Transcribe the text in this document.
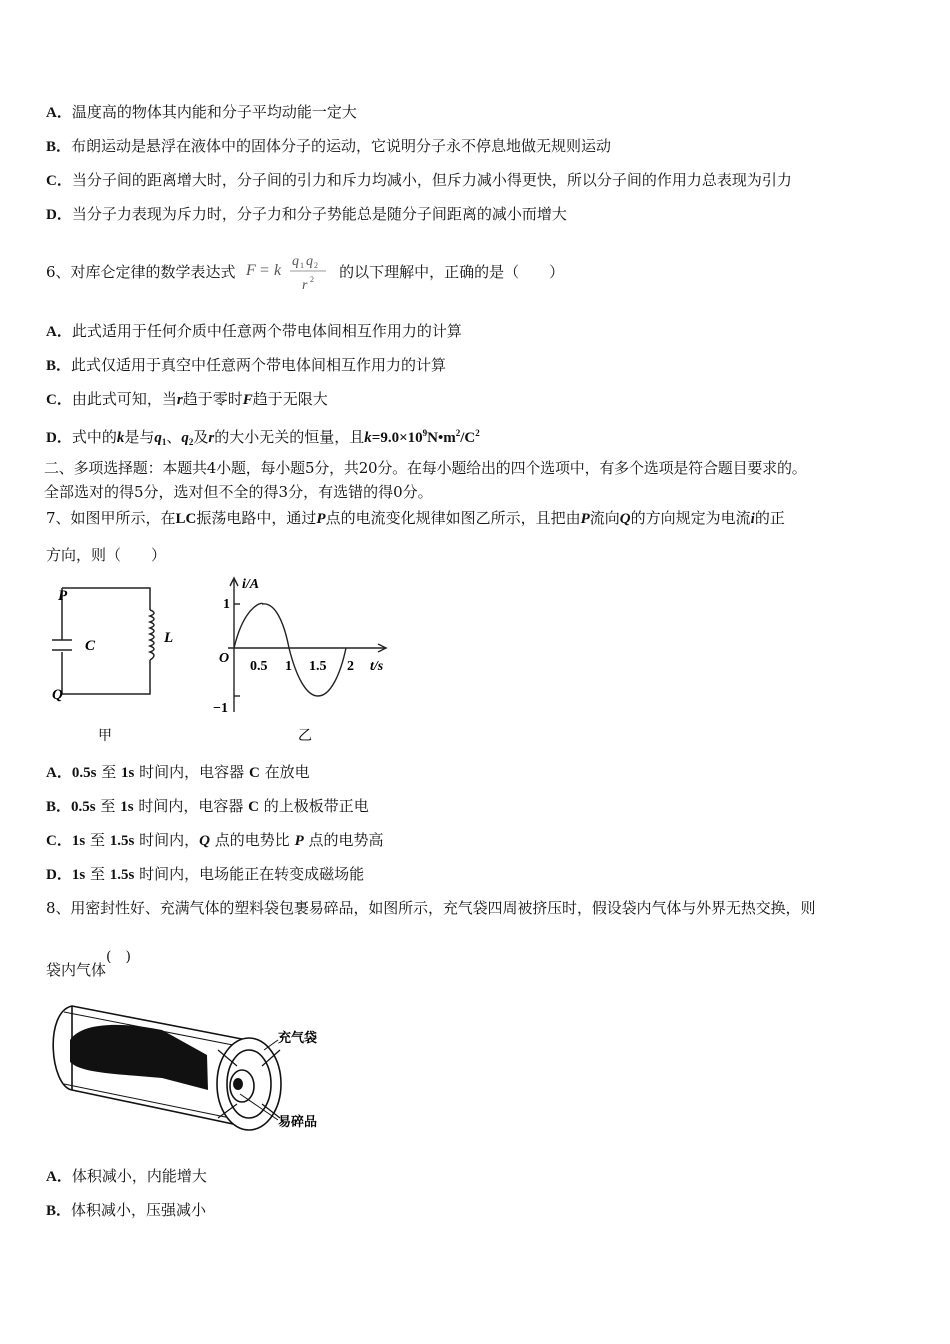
A．温度高的物体其内能和分子平均动能一定大
B．布朗运动是悬浮在液体中的固体分子的运动，它说明分子永不停息地做无规则运动
C．当分子间的距离增大时，分子间的引力和斥力均减小，但斥力减小得更快，所以分子间的作用力总表现为引力
D．当分子力表现为斥力时，分子力和分子势能总是随分子间距离的减小而增大
6、对库仑定律的数学表达式 F = k
q 1 q 2
r 2 的以下理解中，正确的是（　　）
A．此式适用于任何介质中任意两个带电体间相互作用力的计算
B．此式仅适用于真空中任意两个带电体间相互作用力的计算
C．由此式可知，当r趋于零时F趋于无限大
D．式中的k是与$q_1$、$q_2$及r的大小无关的恒量，且$k=9.0\times 10^9N•m^2/C^2$
二、多项选择题：本题共4小题，每小题5分，共20分。在每小题给出的四个选项中，有多个选项是符合题目要求的。
全部选对的得5分，选对但不全的得3分，有选错的得0分。
7、如图甲所示，在LC振荡电路中，通过P点的电流变化规律如图乙所示，且把由P流向Q的方向规定为电流i的正
方向，则（　　）
P
C	L
Q
甲
i/A
1
−1
O
0.5 1 1.5 2 t/s
乙
A．0.5s 至 1s 时间内，电容器 C 在放电
B．0.5s 至 1s 时间内，电容器 C 的上极板带正电
C．1s 至 1.5s 时间内，Q 点的电势比 P 点的电势高
D．1s 至 1.5s 时间内，电场能正在转变成磁场能
8、用密封性好、充满气体的塑料袋包裹易碎品，如图所示，充气袋四周被挤压时，假设袋内气体与外界无热交换，则
袋内气体(　)
充气袋
易碎品
A．体积减小，内能增大
B．体积减小，压强减小
